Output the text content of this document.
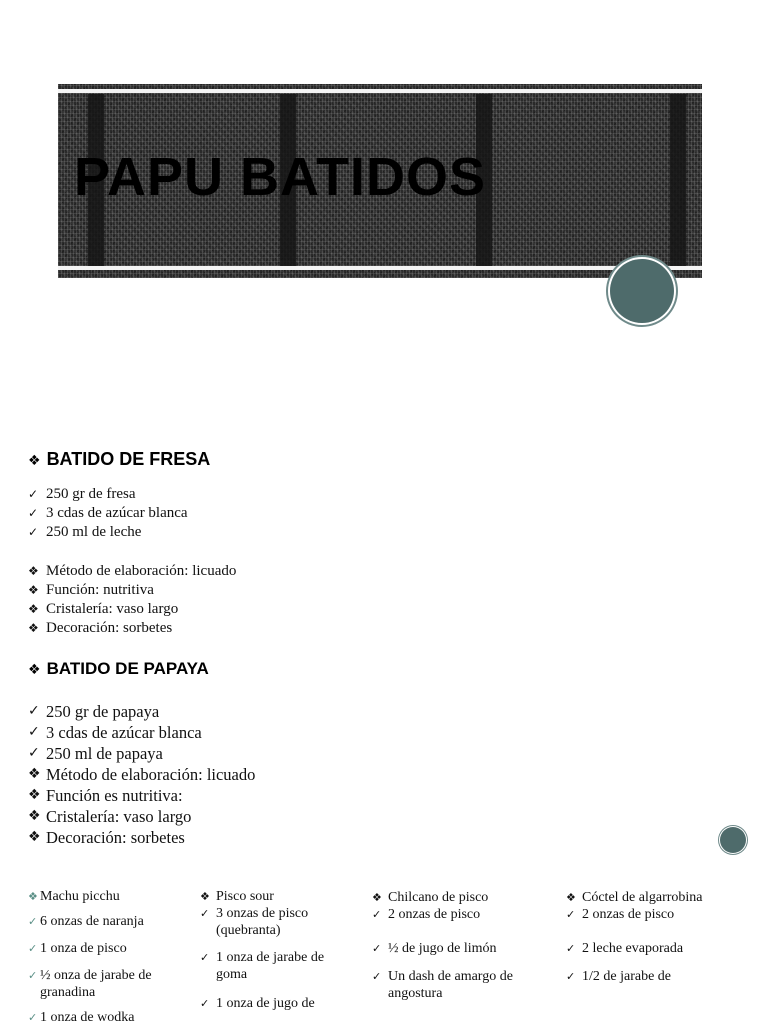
PAPU BATIDOS
❖ BATIDO DE FRESA
✓ 250 gr de fresa
✓ 3 cdas de azúcar blanca
✓ 250 ml de leche
❖ Método de elaboración: licuado
❖ Función: nutritiva
❖ Cristalería: vaso largo
❖ Decoración: sorbetes
❖ BATIDO DE PAPAYA
✓ 250 gr de papaya
✓ 3 cdas de azúcar blanca
✓ 250 ml de papaya
❖ Método de elaboración: licuado
❖ Función es nutritiva:
❖ Cristalería: vaso largo
❖ Decoración: sorbetes
❖ Machu picchu
✓ 6 onzas de naranja
✓ 1 onza de pisco
✓ ½ onza de jarabe de granadina
✓ 1 onza de wodka
❖ Pisco sour
✓ 3 onzas de pisco (quebranta)
✓ 1 onza de jarabe de goma
✓ 1 onza de jugo de
❖ Chilcano de pisco
✓ 2 onzas de pisco
✓ ½ de jugo de limón
✓ Un dash de amargo de angostura
❖ Cóctel de algarrobina
✓ 2 onzas de pisco
✓ 2 leche evaporada
✓ 1/2 de jarabe de
